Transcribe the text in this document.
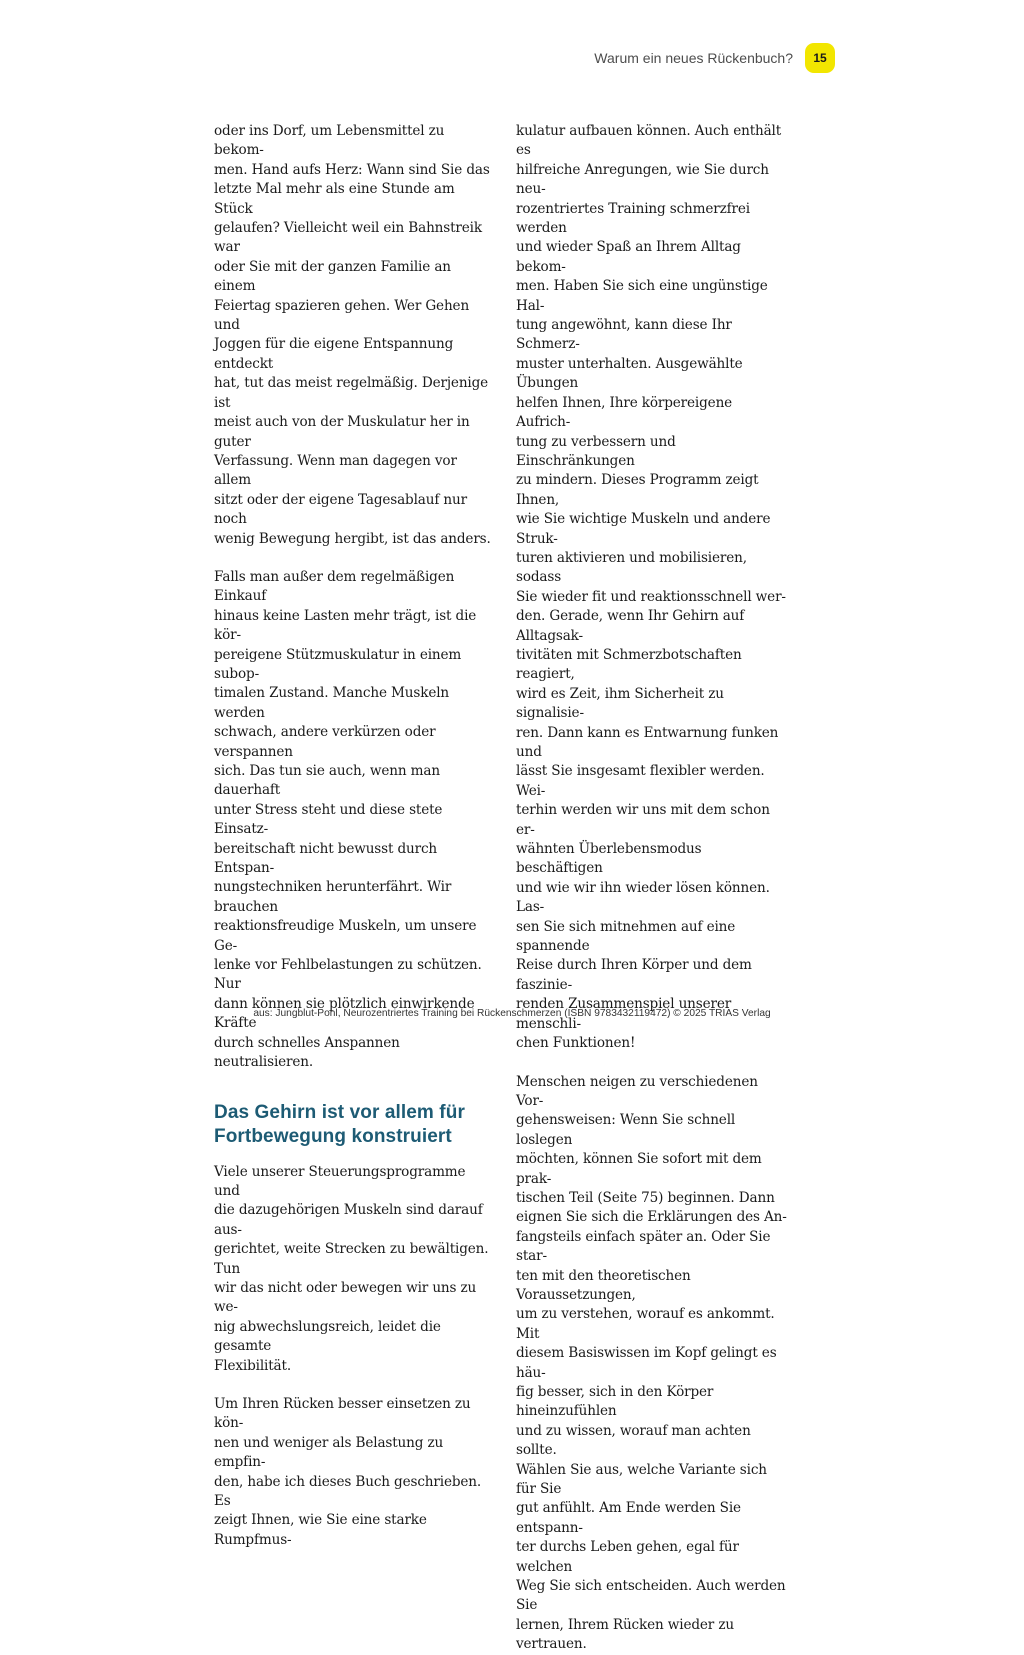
Warum ein neues Rückenbuch?	15

oder ins Dorf, um Lebensmittel zu bekom-
men. Hand aufs Herz: Wann sind Sie das
letzte Mal mehr als eine Stunde am Stück
gelaufen? Vielleicht weil ein Bahnstreik war
oder Sie mit der ganzen Familie an einem
Feiertag spazieren gehen. Wer Gehen und
Joggen für die eigene Entspannung entdeckt
hat, tut das meist regelmäßig. Derjenige ist
meist auch von der Muskulatur her in guter
Verfassung. Wenn man dagegen vor allem
sitzt oder der eigene Tagesablauf nur noch
wenig Bewegung hergibt, ist das anders.

Falls man außer dem regelmäßigen Einkauf
hinaus keine Lasten mehr trägt, ist die kör-
pereigene Stützmuskulatur in einem subop-
timalen Zustand. Manche Muskeln werden
schwach, andere verkürzen oder verspannen
sich. Das tun sie auch, wenn man dauerhaft
unter Stress steht und diese stete Einsatz-
bereitschaft nicht bewusst durch Entspan-
nungstechniken herunterfährt. Wir brauchen
reaktionsfreudige Muskeln, um unsere Ge-
lenke vor Fehlbelastungen zu schützen. Nur
dann können sie plötzlich einwirkende Kräfte
durch schnelles Anspannen neutralisieren.

Das Gehirn ist vor allem für
Fortbewegung konstruiert

Viele unserer Steuerungsprogramme und
die dazugehörigen Muskeln sind darauf aus-
gerichtet, weite Strecken zu bewältigen. Tun
wir das nicht oder bewegen wir uns zu we-
nig abwechslungsreich, leidet die gesamte
Flexibilität.

Um Ihren Rücken besser einsetzen zu kön-
nen und weniger als Belastung zu empfin-
den, habe ich dieses Buch geschrieben. Es
zeigt Ihnen, wie Sie eine starke Rumpfmus-

kulatur aufbauen können. Auch enthält es
hilfreiche Anregungen, wie Sie durch neu-
rozentriertes Training schmerzfrei werden
und wieder Spaß an Ihrem Alltag bekom-
men. Haben Sie sich eine ungünstige Hal-
tung angewöhnt, kann diese Ihr Schmerz-
muster unterhalten. Ausgewählte Übungen
helfen Ihnen, Ihre körpereigene Aufrich-
tung zu verbessern und Einschränkungen
zu mindern. Dieses Programm zeigt Ihnen,
wie Sie wichtige Muskeln und andere Struk-
turen aktivieren und mobilisieren, sodass
Sie wieder fit und reaktionsschnell wer-
den. Gerade, wenn Ihr Gehirn auf Alltagsak-
tivitäten mit Schmerzbotschaften reagiert,
wird es Zeit, ihm Sicherheit zu signalisie-
ren. Dann kann es Entwarnung funken und
lässt Sie insgesamt flexibler werden. Wei-
terhin werden wir uns mit dem schon er-
wähnten Überlebensmodus beschäftigen
und wie wir ihn wieder lösen können. Las-
sen Sie sich mitnehmen auf eine spannende
Reise durch Ihren Körper und dem faszinie-
renden Zusammenspiel unserer menschli-
chen Funktionen!

Menschen neigen zu verschiedenen Vor-
gehensweisen: Wenn Sie schnell loslegen
möchten, können Sie sofort mit dem prak-
tischen Teil (Seite 75) beginnen. Dann
eignen Sie sich die Erklärungen des An-
fangsteils einfach später an. Oder Sie star-
ten mit den theoretischen Voraussetzungen,
um zu verstehen, worauf es ankommt. Mit
diesem Basiswissen im Kopf gelingt es häu-
fig besser, sich in den Körper hineinzufühlen
und zu wissen, worauf man achten sollte.
Wählen Sie aus, welche Variante sich für Sie
gut anfühlt. Am Ende werden Sie entspann-
ter durchs Leben gehen, egal für welchen
Weg Sie sich entscheiden. Auch werden Sie
lernen, Ihrem Rücken wieder zu vertrauen.

aus: Jungblut-Pohl, Neurozentriertes Training bei Rückenschmerzen (ISBN 9783432119472) © 2025 TRIAS Verlag
